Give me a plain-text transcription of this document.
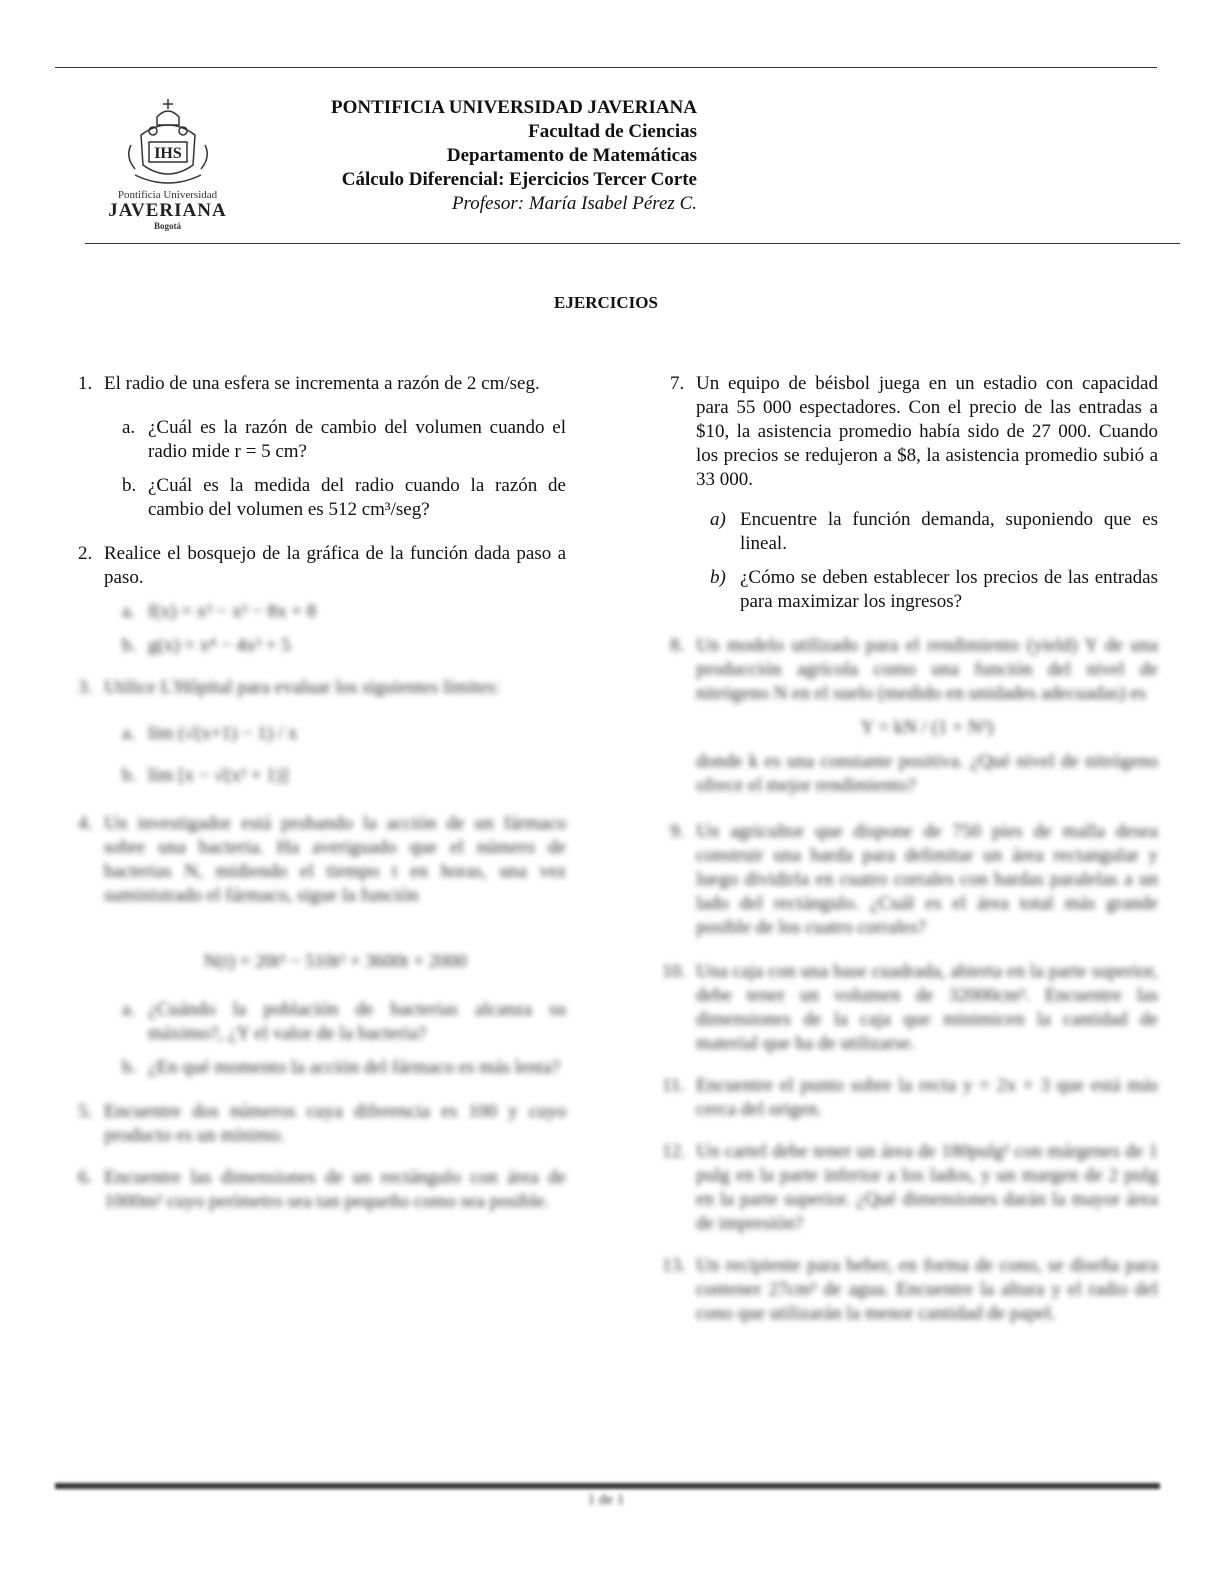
IHS
Pontificia Universidad
JAVERIANA
Bogotá
PONTIFICIA UNIVERSIDAD JAVERIANA
Facultad de Ciencias
Departamento de Matemáticas
Cálculo Diferencial: Ejercicios Tercer Corte
Profesor: María Isabel Pérez C.
EJERCICIOS
1. El radio de una esfera se incrementa a razón de 2 cm/seg.
a. ¿Cuál es la razón de cambio del volumen cuando el radio mide r = 5 cm?
b. ¿Cuál es la medida del radio cuando la razón de cambio del volumen es 512 cm³/seg?
2. Realice el bosquejo de la gráfica de la función dada paso a paso.
a. f(x) = x³ − x² − 8x + 8
b. g(x) = x⁴ − 4x³ + 5
3. Utilice L'Hôpital para evaluar los siguientes límites:
a. lím (√(x+1) − 1) / x
b. lím [x − √(x² + 1)]
4. Un investigador está probando la acción de un fármaco sobre una bacteria. Ha averiguado que el número de bacterias N, midiendo el tiempo t en horas, una vez suministrado el fármaco, sigue la función
N(t) = 20t³ − 510t² + 3600t + 2000
a. ¿Cuándo la población de bacterias alcanza su máximo?, ¿Y el valor de la bacteria?
b. ¿En qué momento la acción del fármaco es más lenta?
5. Encuentre dos números cuya diferencia es 100 y cuyo producto es un mínimo.
6. Encuentre las dimensiones de un rectángulo con área de 1000m² cuyo perímetro sea tan pequeño como sea posible.
7. Un equipo de béisbol juega en un estadio con capacidad para 55 000 espectadores. Con el precio de las entradas a $10, la asistencia promedio había sido de 27 000. Cuando los precios se redujeron a $8, la asistencia promedio subió a 33 000.
a) Encuentre la función demanda, suponiendo que es lineal.
b) ¿Cómo se deben establecer los precios de las entradas para maximizar los ingresos?
8. Un modelo utilizado para el rendimiento (yield) Y de una producción agrícola como una función del nivel de nitrógeno N en el suelo (medido en unidades adecuadas) es
Y = kN / (1 + N²)
donde k es una constante positiva. ¿Qué nivel de nitrógeno ofrece el mejor rendimiento?
9. Un agricultor que dispone de 750 pies de malla desea construir una barda para delimitar un área rectangular y luego dividirla en cuatro corrales con bardas paralelas a un lado del rectángulo. ¿Cuál es el área total más grande posible de los cuatro corrales?
10. Una caja con una base cuadrada, abierta en la parte superior, debe tener un volumen de 32000cm³. Encuentre las dimensiones de la caja que minimicen la cantidad de material que ha de utilizarse.
11. Encuentre el punto sobre la recta y = 2x + 3 que está más cerca del origen.
12. Un cartel debe tener un área de 180pulg² con márgenes de 1 pulg en la parte inferior a los lados, y un margen de 2 pulg en la parte superior. ¿Qué dimensiones darán la mayor área de impresión?
13. Un recipiente para beber, en forma de cono, se diseña para contener 27cm³ de agua. Encuentre la altura y el radio del cono que utilizarán la menor cantidad de papel.
1 de 1
